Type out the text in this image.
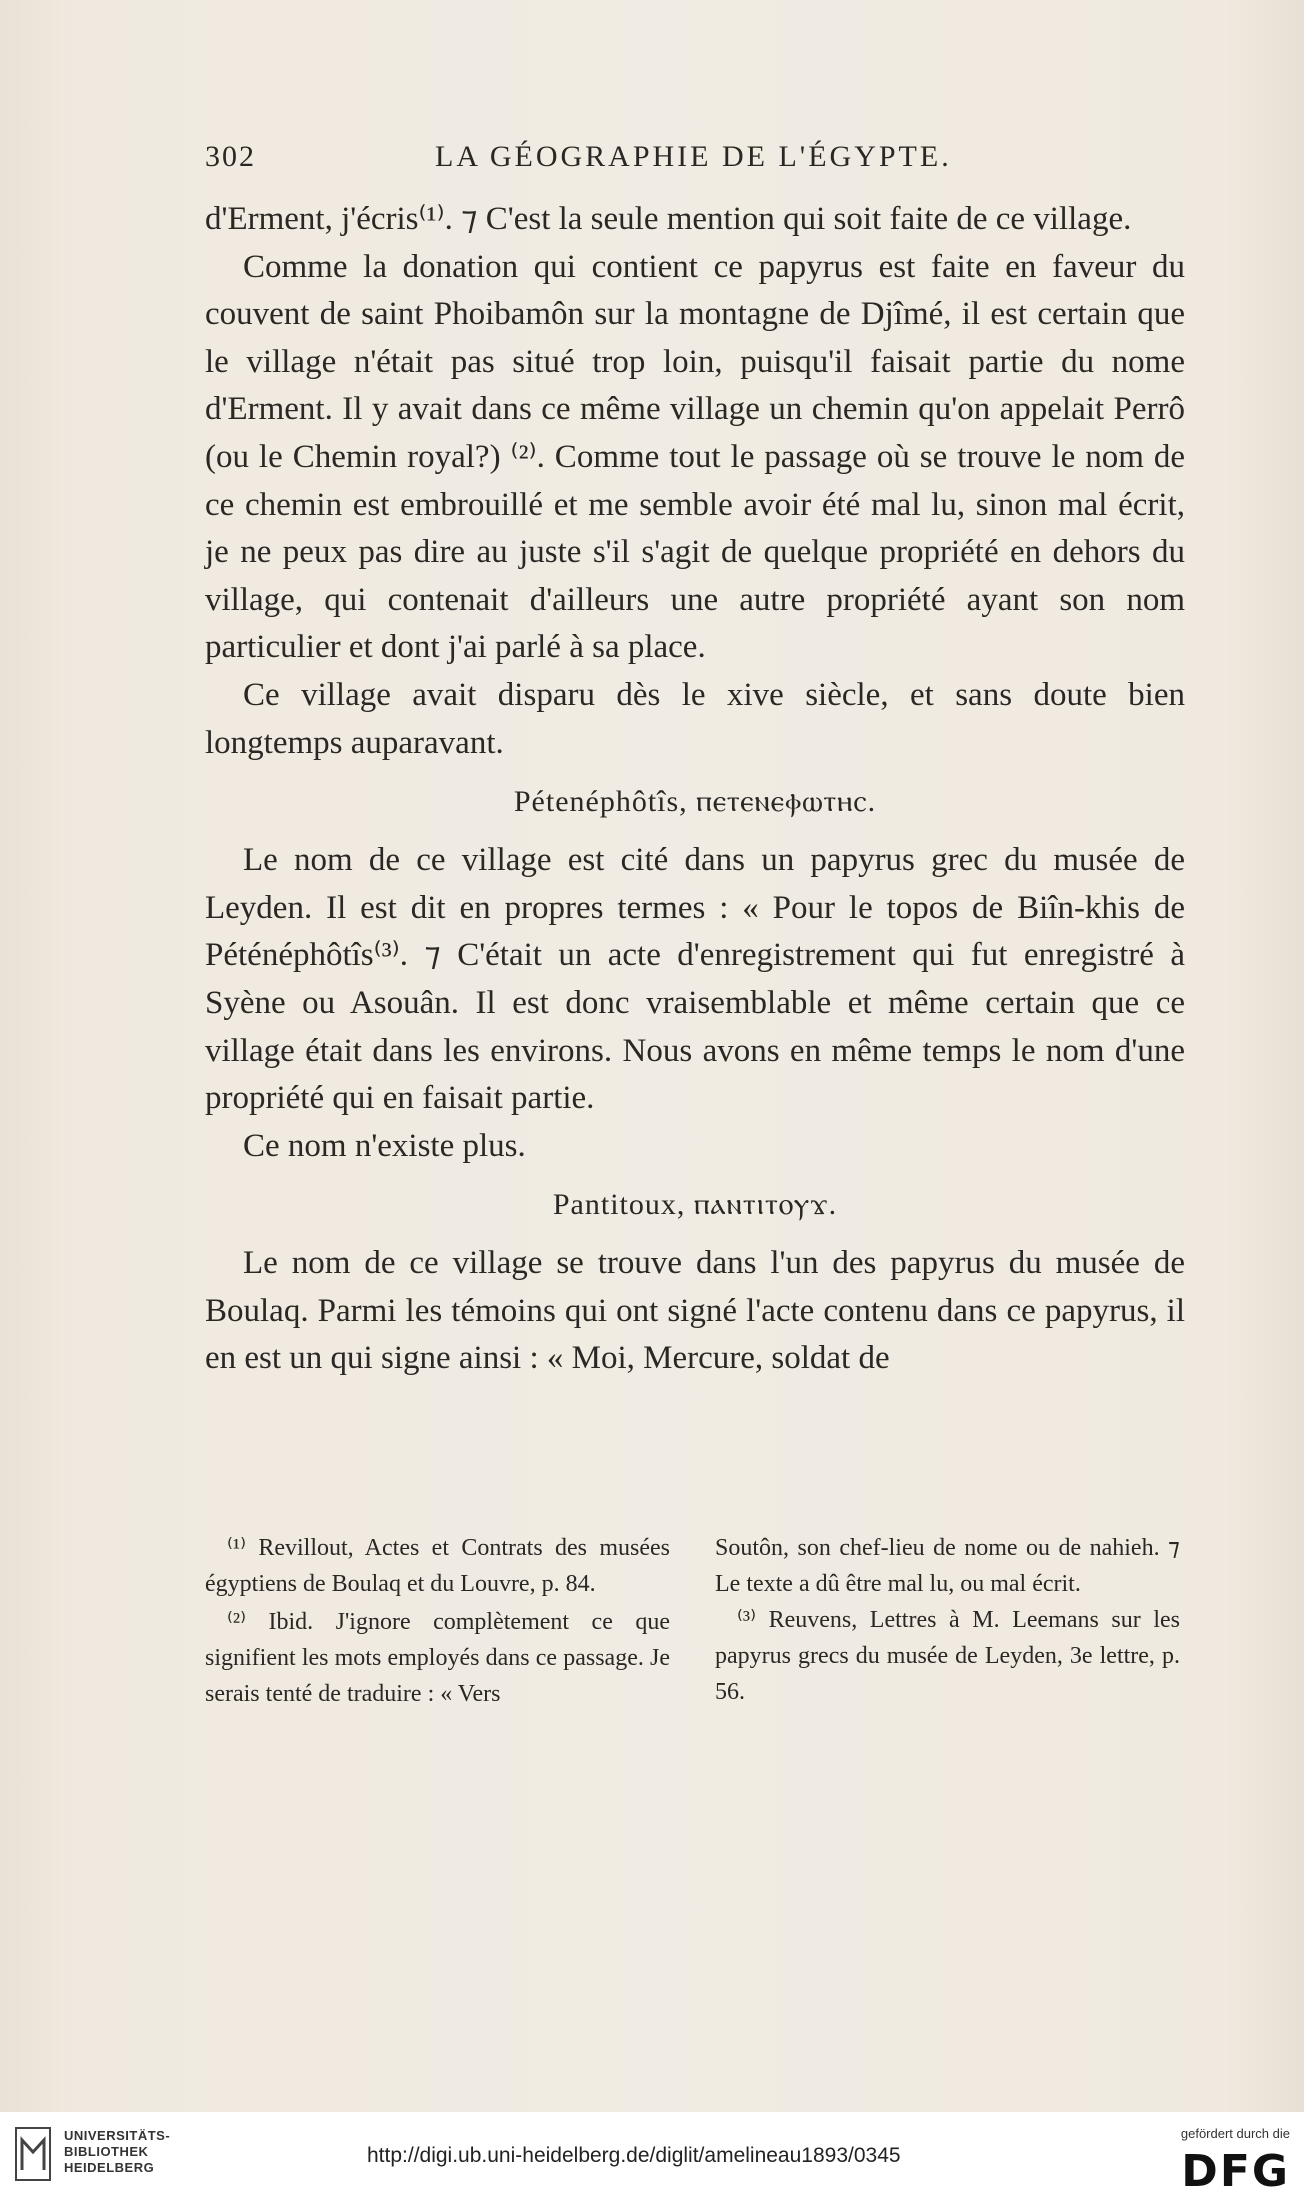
302	LA GÉOGRAPHIE DE L'ÉGYPTE.

d'Erment, j'écris⁽¹⁾. ⁊ C'est la seule mention qui soit faite de ce village.

Comme la donation qui contient ce papyrus est faite en faveur du couvent de saint Phoibamôn sur la montagne de Djîmé, il est certain que le village n'était pas situé trop loin, puisqu'il faisait partie du nome d'Erment. Il y avait dans ce même village un chemin qu'on appelait Perrô (ou le Chemin royal?) ⁽²⁾. Comme tout le passage où se trouve le nom de ce chemin est embrouillé et me semble avoir été mal lu, sinon mal écrit, je ne peux pas dire au juste s'il s'agit de quelque propriété en dehors du village, qui contenait d'ailleurs une autre propriété ayant son nom particulier et dont j'ai parlé à sa place.

Ce village avait disparu dès le xive siècle, et sans doute bien longtemps auparavant.

Pétenéphôtîs, ⲡⲉⲧⲉⲛⲉⲫⲱⲧⲏⲥ.

Le nom de ce village est cité dans un papyrus grec du musée de Leyden. Il est dit en propres termes : « Pour le topos de Biîn-khis de Péténéphôtîs⁽³⁾. ⁊ C'était un acte d'enregistrement qui fut enregistré à Syène ou Asouân. Il est donc vraisemblable et même certain que ce village était dans les environs. Nous avons en même temps le nom d'une propriété qui en faisait partie.

Ce nom n'existe plus.

Pantitoux, ⲡⲁⲛⲧⲓⲧⲟⲩϫ.

Le nom de ce village se trouve dans l'un des papyrus du musée de Boulaq. Parmi les témoins qui ont signé l'acte contenu dans ce papyrus, il en est un qui signe ainsi : « Moi, Mercure, soldat de

⁽¹⁾ Revillout, Actes et Contrats des musées égyptiens de Boulaq et du Louvre, p. 84.

⁽²⁾ Ibid. J'ignore complètement ce que signifient les mots employés dans ce passage. Je serais tenté de traduire : « Vers

Soutôn, son chef-lieu de nome ou de nahieh. ⁊ Le texte a dû être mal lu, ou mal écrit.

⁽³⁾ Reuvens, Lettres à M. Leemans sur les papyrus grecs du musée de Leyden, 3e lettre, p. 56.

UNIVERSITÄTS-
BIBLIOTHEK
HEIDELBERG
http://digi.ub.uni-heidelberg.de/diglit/amelineau1893/0345
gefördert durch die
DFG
